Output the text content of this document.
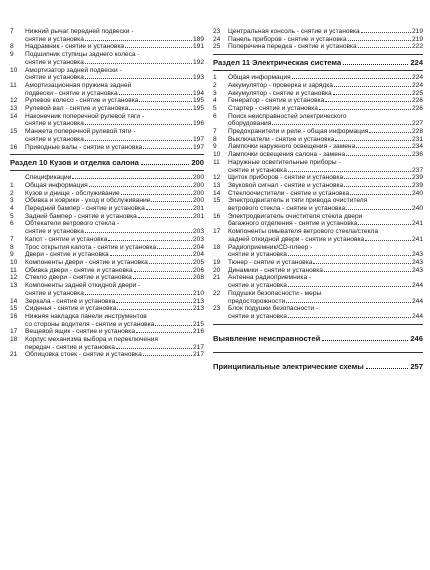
7	Нижний рычаг передней подвески -
снятие и установка	189
8	Надрамник - снятие и установка	191
9	Подшипник ступицы заднего колеса -
снятие и установка	192
10	Амортизатор задней подвески -
снятие и установка	193
11	Амортизационная пружина задней
подвески - снятие и установка	194
12	Рулевое колесо - снятие и установка	195
13	Рулевой вал - снятие и установка	195
14	Наконечник поперечной рулевой тяги -
снятие и установка	196
15	Манжета поперечной рулевой тяги -
снятие и установка	197
16	Приводные валы - снятие и установка	197
Раздел 10 Кузов и отделка салона	200
Спецификации	200
1	Общая информация	200
2	Кузов и днище - обслуживание	200
3	Обивка и коврики - уход и обслуживание	200
4	Передний бампер - снятие и установка	201
5	Задний бампер - снятие и установка	201
6	Обтекатели ветрового стекла -
снятие и установка	203
7	Капот - снятие и установка	203
8	Трос открытия капота - снятие и установка	204
9	Двери - снятие и установка	204
10	Компоненты двери - снятие и установка	205
11	Обивка двери - снятие и установка	206
12	Стекло двери - снятие и установка	208
13	Компоненты задней откидной двери -
снятие и установка	210
14	Зеркала - снятие и установка	213
15	Сиденья - снятие и установка	213
16	Нижняя накладка панели инструментов
со стороны водителя - снятие и установка	215
17	Вещевой ящик - снятие и установка	216
18	Корпус механизма выбора и переключения
передач - снятие и установка	217
21	Облицовка стоек - снятие и установка	217
23	Центральная консоль - снятие и установка	219
24	Панель приборов - снятие и установка	219
25	Поперечина передка - снятие и установка	222
Раздел 11 Электрическая система	224
1	Общая информация	224
2	Аккумулятор - проверка и зарядка	224
3	Аккумулятор - снятие и установка	225
4	Генератор - снятие и установка	226
5	Стартер - снятие и установка	226
6	Поиск неисправностей электрического
оборудования	227
7	Предохранители и реле - общая информация	228
8	Выключатели - снятие и установка	231
9	Лампочки наружного освещения - замена	234
10	Лампочки освещения салона - замена	236
11	Наружные осветительные приборы -
снятие и установка	237
12	Щиток приборов - снятие и установка	239
13	Звуковой сигнал - снятие и установка	239
14	Стеклоочистители - снятие и установка	240
15	Электродвигатель и тяги привода очистителя
ветрового стекла - снятие и установка	240
16	Электродвигатель очистителя стекла двери
багажного отделения - снятие и установка	241
17	Компоненты омывателя ветрового стекла/стекла
задней откидной двери - снятие и установка	241
18	Радиоприемник/CD-плеер -
снятие и установка	243
19	Тюнер - снятие и установка	243
20	Динамики - снятие и установка	243
21	Антенна радиоприемника -
снятие и установка	244
22	Подушки безопасности - меры
предосторожности	244
23	Блок подушки безопасности -
снятие и установка	244
Выявление неисправностей	246
Принципиальные электрические схемы	257
